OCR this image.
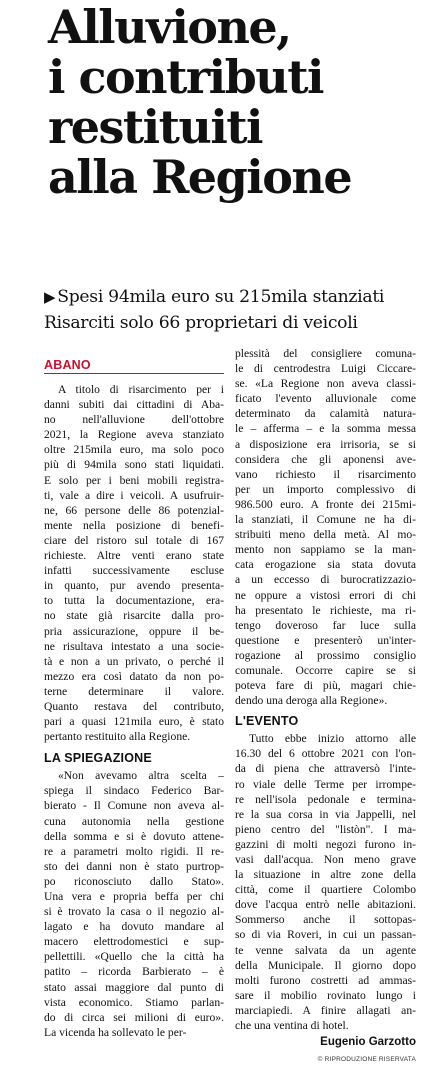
Alluvione,
i contributi
restituiti
alla Regione
▶ Spesi 94mila euro su 215mila stanziati
Risarciti solo 66 proprietari di veicoli
ABANO

A titolo di risarcimento per i
danni subiti dai cittadini di Aba-
no nell'alluvione dell'ottobre
2021, la Regione aveva stanziato
oltre 215mila euro, ma solo poco
più di 94mila sono stati liquidati.
E solo per i beni mobili registra-
ti, vale a dire i veicoli. A usufruir-
ne, 66 persone delle 86 potenzial-
mente nella posizione di benefi-
ciare del ristoro sul totale di 167
richieste. Altre venti erano state
infatti successivamente escluse
in quanto, pur avendo presenta-
to tutta la documentazione, era-
no state già risarcite dalla pro-
pria assicurazione, oppure il be-
ne risultava intestato a una socie-
tà e non a un privato, o perché il
mezzo era così datato da non po-
terne determinare il valore.
Quanto restava del contributo,
pari a quasi 121mila euro, è stato
pertanto restituito alla Regione.

LA SPIEGAZIONE

«Non avevamo altra scelta –
spiega il sindaco Federico Bar-
bierato - Il Comune non aveva al-
cuna autonomia nella gestione
della somma e si è dovuto attene-
re a parametri molto rigidi. Il re-
sto dei danni non è stato purtrop-
po riconosciuto dallo Stato».
Una vera e propria beffa per chi
si è trovato la casa o il negozio al-
lagato e ha dovuto mandare al
macero elettrodomestici e sup-
pellettili. «Quello che la città ha
patito – ricorda Barbierato – è
stato assai maggiore dal punto di
vista economico. Stiamo parlan-
do di circa sei milioni di euro».
La vicenda ha sollevato le per-

plessità del consigliere comuna-
le di centrodestra Luigi Ciccare-
se. «La Regione non aveva classi-
ficato l'evento alluvionale come
determinato da calamità natura-
le – afferma – e la somma messa
a disposizione era irrisoria, se si
considera che gli aponensi ave-
vano richiesto il risarcimento
per un importo complessivo di
986.500 euro. A fronte dei 215mi-
la stanziati, il Comune ne ha di-
stribuiti meno della metà. Al mo-
mento non sappiamo se la man-
cata erogazione sia stata dovuta
a un eccesso di burocratizzazio-
ne oppure a vistosi errori di chi
ha presentato le richieste, ma ri-
tengo doveroso far luce sulla
questione e presenterò un'inter-
rogazione al prossimo consiglio
comunale. Occorre capire se si
poteva fare di più, magari chie-
dendo una deroga alla Regione».

L'EVENTO

Tutto ebbe inizio attorno alle
16.30 del 6 ottobre 2021 con l'on-
da di piena che attraversò l'inte-
ro viale delle Terme per irrompe-
re nell'isola pedonale e termina-
re la sua corsa in via Jappelli, nel
pieno centro del "listòn". I ma-
gazzini di molti negozi furono in-
vasi dall'acqua. Non meno grave
la situazione in altre zone della
città, come il quartiere Colombo
dove l'acqua entrò nelle abitazioni.
Sommerso anche il sottopas-
so di via Roveri, in cui un passan-
te venne salvata da un agente
della Municipale. Il giorno dopo
molti furono costretti ad ammas-
sare il mobilio rovinato lungo i
marciapiedi. A finire allagati an-
che una ventina di hotel.

Eugenio Garzotto
© RIPRODUZIONE RISERVATA
